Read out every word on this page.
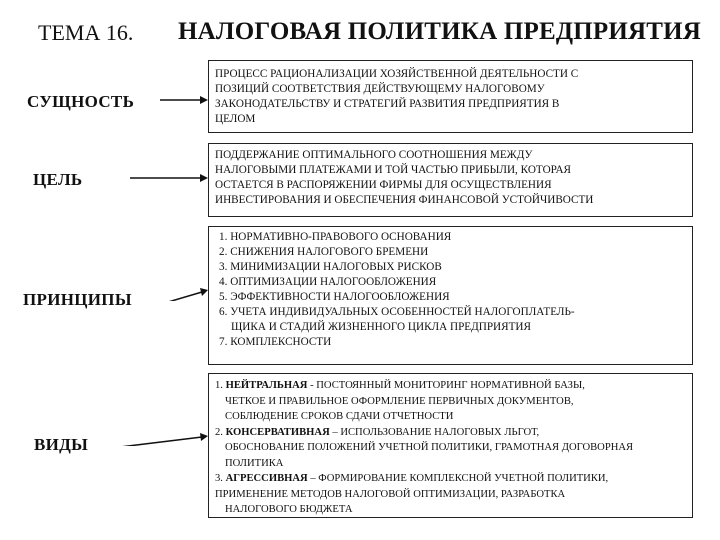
ТЕМА 16. НАЛОГОВАЯ ПОЛИТИКА ПРЕДПРИЯТИЯ
СУЩНОСТЬ
ПРОЦЕСС РАЦИОНАЛИЗАЦИИ ХОЗЯЙСТВЕННОЙ ДЕЯТЕЛЬНОСТИ С
ПОЗИЦИЙ СООТВЕТСТВИЯ ДЕЙСТВУЮЩЕМУ НАЛОГОВОМУ
ЗАКОНОДАТЕЛЬСТВУ И СТРАТЕГИЙ РАЗВИТИЯ ПРЕДПРИЯТИЯ В
ЦЕЛОМ
ЦЕЛЬ
ПОДДЕРЖАНИЕ ОПТИМАЛЬНОГО СООТНОШЕНИЯ МЕЖДУ
НАЛОГОВЫМИ ПЛАТЕЖАМИ И ТОЙ ЧАСТЬЮ ПРИБЫЛИ, КОТОРАЯ
ОСТАЕТСЯ В РАСПОРЯЖЕНИИ ФИРМЫ ДЛЯ ОСУЩЕСТВЛЕНИЯ
ИНВЕСТИРОВАНИЯ И ОБЕСПЕЧЕНИЯ ФИНАНСОВОЙ УСТОЙЧИВОСТИ
ПРИНЦИПЫ
1. НОРМАТИВНО-ПРАВОВОГО ОСНОВАНИЯ
2. СНИЖЕНИЯ НАЛОГОВОГО БРЕМЕНИ
3. МИНИМИЗАЦИИ НАЛОГОВЫХ РИСКОВ
4. ОПТИМИЗАЦИИ НАЛОГООБЛОЖЕНИЯ
5. ЭФФЕКТИВНОСТИ НАЛОГООБЛОЖЕНИЯ
6. УЧЕТА ИНДИВИДУАЛЬНЫХ ОСОБЕННОСТЕЙ НАЛОГОПЛАТЕЛЬ-
ЩИКА И СТАДИЙ ЖИЗНЕННОГО ЦИКЛА ПРЕДПРИЯТИЯ
7. КОМПЛЕКСНОСТИ
ВИДЫ
1. НЕЙТРАЛЬНАЯ - ПОСТОЯННЫЙ МОНИТОРИНГ НОРМАТИВНОЙ БАЗЫ,
ЧЕТКОЕ И ПРАВИЛЬНОЕ ОФОРМЛЕНИЕ ПЕРВИЧНЫХ ДОКУМЕНТОВ,
СОБЛЮДЕНИЕ СРОКОВ СДАЧИ ОТЧЕТНОСТИ
2. КОНСЕРВАТИВНАЯ – ИСПОЛЬЗОВАНИЕ НАЛОГОВЫХ ЛЬГОТ,
ОБОСНОВАНИЕ ПОЛОЖЕНИЙ УЧЕТНОЙ ПОЛИТИКИ, ГРАМОТНАЯ ДОГОВОРНАЯ
ПОЛИТИКА
3. АГРЕССИВНАЯ – ФОРМИРОВАНИЕ КОМПЛЕКСНОЙ УЧЕТНОЙ ПОЛИТИКИ,
ПРИМЕНЕНИЕ МЕТОДОВ НАЛОГОВОЙ ОПТИМИЗАЦИИ, РАЗРАБОТКА
НАЛОГОВОГО БЮДЖЕТА
